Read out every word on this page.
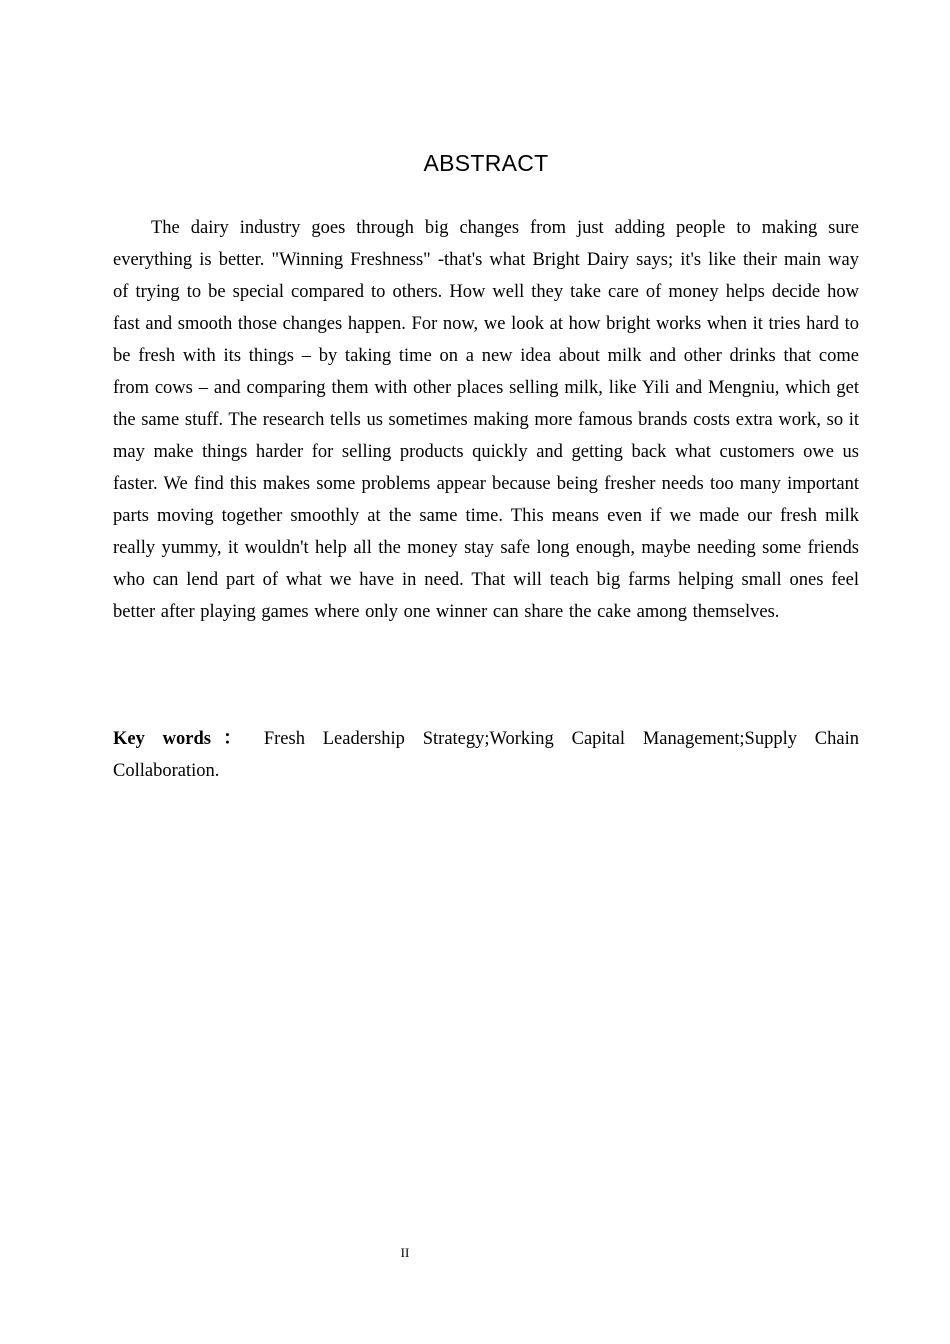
ABSTRACT

The dairy industry goes through big changes from just adding people to making sure everything is better. "Winning Freshness" -that's what Bright Dairy says; it's like their main way of trying to be special compared to others. How well they take care of money helps decide how fast and smooth those changes happen. For now, we look at how bright works when it tries hard to be fresh with its things – by taking time on a new idea about milk and other drinks that come from cows – and comparing them with other places selling milk, like Yili and Mengniu, which get the same stuff. The research tells us sometimes making more famous brands costs extra work, so it may make things harder for selling products quickly and getting back what customers owe us faster. We find this makes some problems appear because being fresher needs too many important parts moving together smoothly at the same time. This means even if we made our fresh milk really yummy, it wouldn't help all the money stay safe long enough, maybe needing some friends who can lend part of what we have in need. That will teach big farms helping small ones feel better after playing games where only one winner can share the cake among themselves.

Key words： Fresh Leadership Strategy;Working Capital Management;Supply Chain Collaboration.

II
